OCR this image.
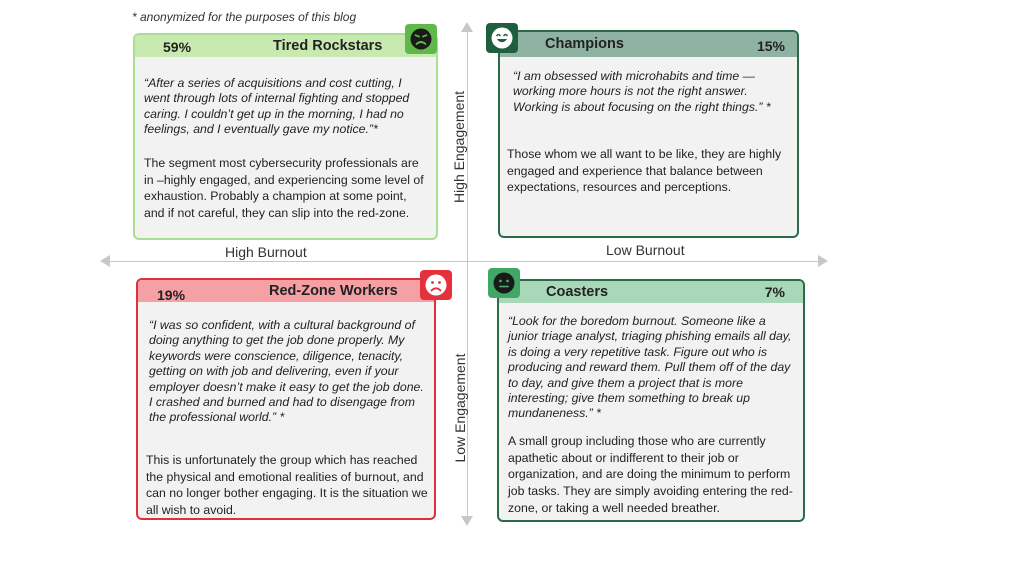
* anonymized for the purposes of this blog
High Burnout	Low Burnout
High Engagement
Low Engagement
59%	Tired Rockstars
“After a series of acquisitions and cost cutting, I went through lots of internal fighting and stopped caring. I couldn’t get up in the morning, I had no feelings, and I eventually gave my notice.”*
The segment most cybersecurity professionals are in –highly engaged, and experiencing some level of exhaustion. Probably a champion at some point, and if not careful, they can slip into the red-zone.
Champions	15%
“I am obsessed with microhabits and time — working more hours is not the right answer. Working is about focusing on the right things.” *
Those whom we all want to be like, they are highly engaged and experience that balance between expectations, resources and perceptions.
19%	Red-Zone Workers
“I was so confident, with a cultural background of doing anything to get the job done properly. My keywords were conscience, diligence, tenacity, getting on with job and delivering, even if your employer doesn’t make it easy to get the job done. I crashed and burned and had to disengage from the professional world.” *
This is unfortunately the group which has reached the physical and emotional realities of burnout, and can no longer bother engaging. It is the situation we all wish to avoid.
Coasters	7%
“Look for the boredom burnout. Someone like a junior triage analyst, triaging phishing emails all day, is doing a very repetitive task. Figure out who is producing and reward them. Pull them off of the day to day, and give them a project that is more interesting; give them something to break up mundaneness.” *
A small group including those who are currently apathetic about or indifferent to their job or organization, and are doing the minimum to perform job tasks. They are simply avoiding entering the red-zone, or taking a well needed breather.
